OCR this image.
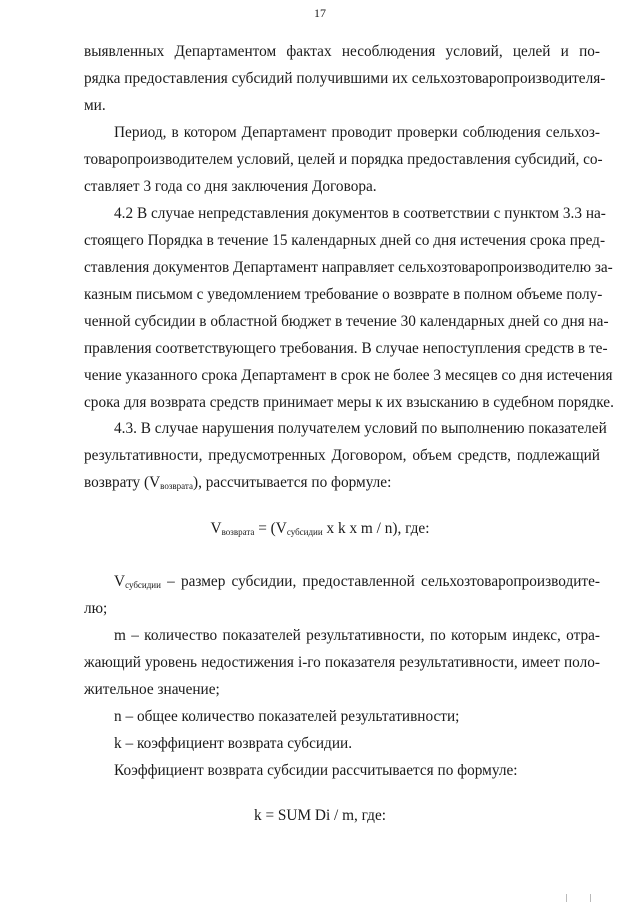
17
выявленных Департаментом фактах несоблюдения условий, целей и по-
рядка предоставления субсидий получившими их сельхозтоваропроизводителя-
ми.
Период, в котором Департамент проводит проверки соблюдения сельхоз-
товаропроизводителем условий, целей и порядка предоставления субсидий, со-
ставляет 3 года со дня заключения Договора.
4.2 В случае непредставления документов в соответствии с пунктом 3.3 на-
стоящего Порядка в течение 15 календарных дней со дня истечения срока пред-
ставления документов Департамент направляет сельхозтоваропроизводителю за-
казным письмом с уведомлением требование о возврате в полном объеме полу-
ченной субсидии в областной бюджет в течение 30 календарных дней со дня на-
правления соответствующего требования. В случае непоступления средств в те-
чение указанного срока Департамент в срок не более 3 месяцев со дня истечения
срока для возврата средств принимает меры к их взысканию в судебном порядке.
4.3. В случае нарушения получателем условий по выполнению показателей
результативности, предусмотренных Договором, объем средств, подлежащий
возврату $(V_{возврата})$, рассчитывается по формуле:
$V_{возврата} = (V_{субсидии}$ x k x m / n), где:
$V_{субсидии}$ – размер субсидии, предоставленной сельхозтоваропроизводите-
лю;
m – количество показателей результативности, по которым индекс, отра-
жающий уровень недостижения i-го показателя результативности, имеет поло-
жительное значение;
n – общее количество показателей результативности;
k – коэффициент возврата субсидии.
Коэффициент возврата субсидии рассчитывается по формуле:
k = SUM Di / m, где:
| |
